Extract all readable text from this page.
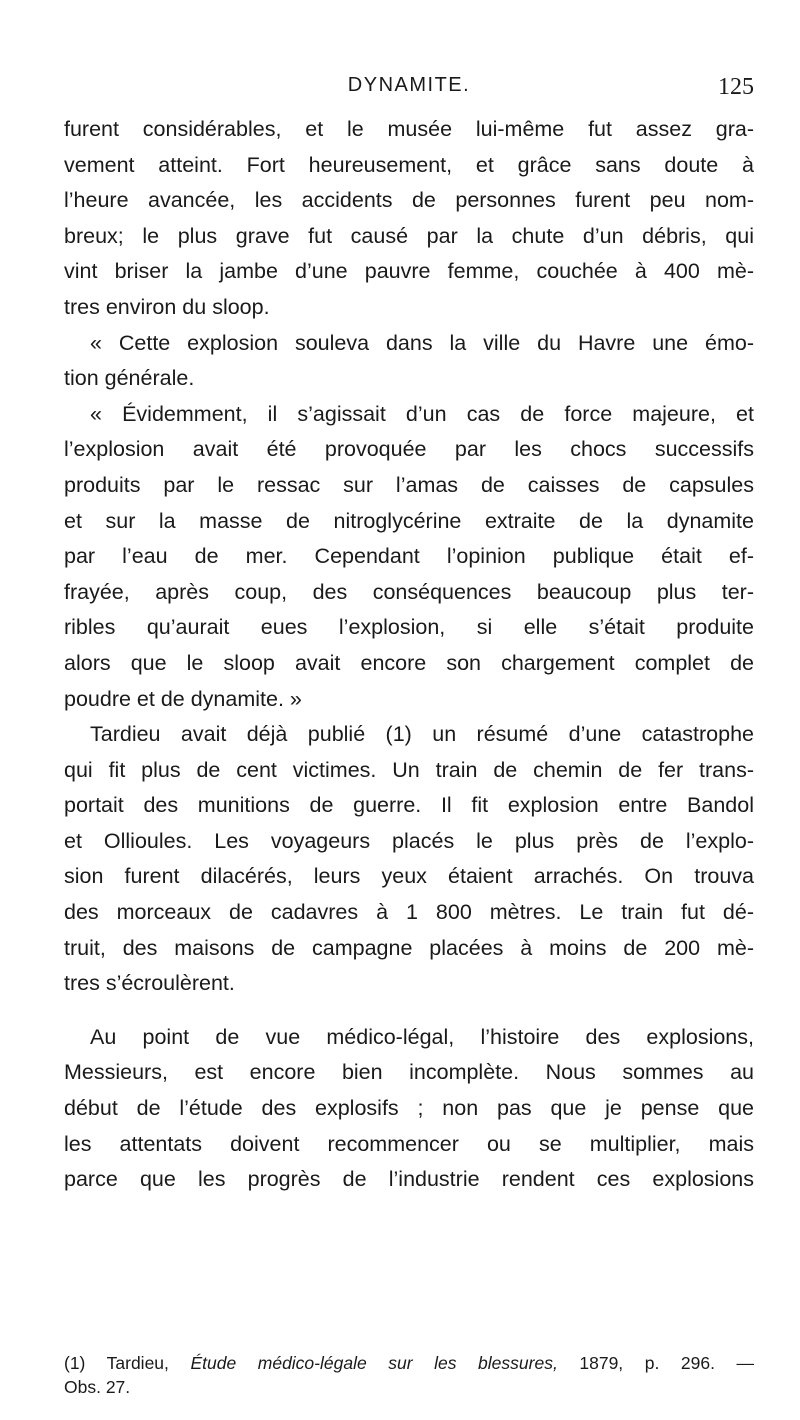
DYNAMITE.	125
furent considérables, et le musée lui-même fut assez gra-
vement atteint. Fort heureusement, et grâce sans doute à
l’heure avancée, les accidents de personnes furent peu nom-
breux; le plus grave fut causé par la chute d’un débris, qui
vint briser la jambe d’une pauvre femme, couchée à 400 mè-
tres environ du sloop.
« Cette explosion souleva dans la ville du Havre une émo-
tion générale.
« Évidemment, il s’agissait d’un cas de force majeure, et
l’explosion avait été provoquée par les chocs successifs
produits par le ressac sur l’amas de caisses de capsules
et sur la masse de nitroglycérine extraite de la dynamite
par l’eau de mer. Cependant l’opinion publique était ef-
frayée, après coup, des conséquences beaucoup plus ter-
ribles qu’aurait eues l’explosion, si elle s’était produite
alors que le sloop avait encore son chargement complet de
poudre et de dynamite. »
Tardieu avait déjà publié (1) un résumé d’une catastrophe
qui fit plus de cent victimes. Un train de chemin de fer trans-
portait des munitions de guerre. Il fit explosion entre Bandol
et Ollioules. Les voyageurs placés le plus près de l’explo-
sion furent dilacérés, leurs yeux étaient arrachés. On trouva
des morceaux de cadavres à 1 800 mètres. Le train fut dé-
truit, des maisons de campagne placées à moins de 200 mè-
tres s’écroulèrent.
Au point de vue médico-légal, l’histoire des explosions,
Messieurs, est encore bien incomplète. Nous sommes au
début de l’étude des explosifs ; non pas que je pense que
les attentats doivent recommencer ou se multiplier, mais
parce que les progrès de l’industrie rendent ces explosions
(1) Tardieu, Étude médico-légale sur les blessures, 1879, p. 296. —
Obs. 27.
